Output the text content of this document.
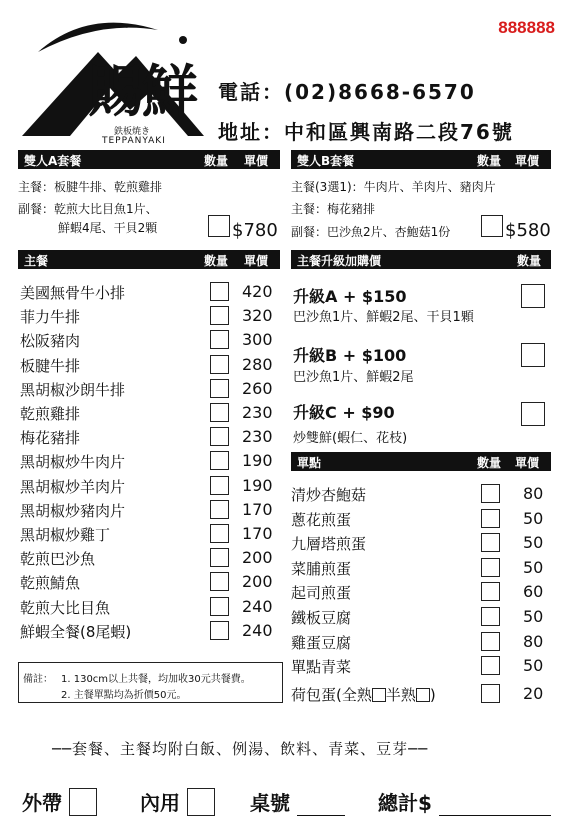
賜鮮
鉄板焼き
TEPPANYAKI
888888
電話：(02)8668-6570
地址：中和區興南路二段76號
雙人A套餐	數量 單價
主餐：板腱牛排、乾煎雞排
副餐：乾煎大比目魚1片、
鮮蝦4尾、干貝2顆	$780
雙人B套餐	數量 單價
主餐(3選1)：牛肉片、羊肉片、豬肉片
主餐：梅花豬排
副餐：巴沙魚2片、杏鮑菇1份	$580
主餐	數量 單價
美國無骨牛小排	420
菲力牛排	320
松阪豬肉	300
板腱牛排	280
黑胡椒沙朗牛排	260
乾煎雞排	230
梅花豬排	230
黑胡椒炒牛肉片	190
黑胡椒炒羊肉片	190
黑胡椒炒豬肉片	170
黑胡椒炒雞丁	170
乾煎巴沙魚	200
乾煎鯖魚	200
乾煎大比目魚	240
鮮蝦全餐(8尾蝦)	240
主餐升級加購價	數量
升級A + $150
巴沙魚1片、鮮蝦2尾、干貝1顆
升級B + $100
巴沙魚1片、鮮蝦2尾
升級C + $90
炒雙鮮(蝦仁、花枝)
單點	數量 單價
清炒杏鮑菇	80
蔥花煎蛋	50
九層塔煎蛋	50
菜脯煎蛋	50
起司煎蛋	60
鐵板豆腐	50
雞蛋豆腐	80
單點青菜	50
荷包蛋(全熟 半熟 )	20
備註： 1. 130cm以上共餐，均加收30元共餐費。
2. 主餐單點均為折價50元。
──套餐、主餐均附白飯、例湯、飲料、青菜、豆芽──
外帶	內用	桌號	總計$
